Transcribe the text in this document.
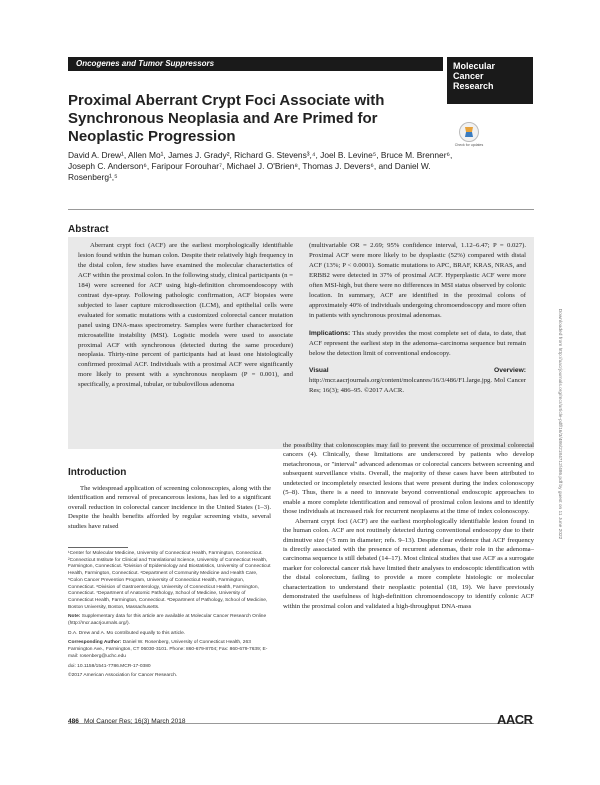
Oncogenes and Tumor Suppressors	Molecular
Cancer
Research
Check for updates
Proximal Aberrant Crypt Foci Associate with Synchronous Neoplasia and Are Primed for Neoplastic Progression
David A. Drew¹, Allen Mo¹, James J. Grady², Richard G. Stevens³,⁴, Joel B. Levine⁵, Bruce M. Brenner⁶, Joseph C. Anderson⁶, Faripour Forouhar⁷, Michael J. O'Brien⁸, Thomas J. Devers⁶, and Daniel W. Rosenberg¹,⁵
Abstract

Aberrant crypt foci (ACF) are the earliest morphologically identifiable lesion found within the human colon. Despite their relatively high frequency in the distal colon, few studies have examined the molecular characteristics of ACF within the proximal colon. In the following study, clinical participants (n = 184) were screened for ACF using high-definition chromoendoscopy with contrast dye-spray. Following pathologic confirmation, ACF biopsies were subjected to laser capture microdissection (LCM), and epithelial cells were evaluated for somatic mutations with a customized colorectal cancer mutation panel using DNA-mass spectrometry. Samples were further characterized for microsatellite instability (MSI). Logistic models were used to associate proximal ACF with synchronous (detected during the same procedure) neoplasia. Thirty-nine percent of participants had at least one histologically confirmed proximal ACF. Individuals with a proximal ACF were significantly more likely to present with a synchronous neoplasm (P = 0.001), and specifically, a proximal, tubular, or tubulovillous adenoma

(multivariable OR = 2.69; 95% confidence interval, 1.12–6.47; P = 0.027). Proximal ACF were more likely to be dysplastic (52%) compared with distal ACF (13%; P < 0.0001). Somatic mutations to APC, BRAF, KRAS, NRAS, and ERBB2 were detected in 37% of proximal ACF. Hyperplastic ACF were more often MSI-high, but there were no differences in MSI status observed by colonic location. In summary, ACF are identified in the proximal colons of approximately 40% of individuals undergoing chromoendoscopy and more often in patients with synchronous proximal adenomas.

Implications: This study provides the most complete set of data, to date, that ACF represent the earliest step in the adenoma–carcinoma sequence but remain below the detection limit of conventional endoscopy.

Visual Overview: http://mcr.aacrjournals.org/content/molcanres/16/3/486/F1.large.jpg. Mol Cancer Res; 16(3); 486–95. ©2017 AACR.

Introduction

The widespread application of screening colonoscopies, along with the identification and removal of precancerous lesions, has led to a significant overall reduction in colorectal cancer incidence in the United States (1–3). Despite the health benefits afforded by regular screening visits, several studies have raised

¹Center for Molecular Medicine, University of Connecticut Health, Farmington, Connecticut. ²Connecticut Institute for Clinical and Translational Science, University of Connecticut Health, Farmington, Connecticut. ³Division of Epidemiology and Biostatistics, University of Connecticut Health, Farmington, Connecticut. ⁴Department of Community Medicine and Health Care, ⁵Colon Cancer Prevention Program, University of Connecticut Health, Farmington, Connecticut. ⁶Division of Gastroenterology, University of Connecticut Health, Farmington, Connecticut. ⁷Department of Anatomic Pathology, School of Medicine, University of Connecticut Health, Farmington, Connecticut. ⁸Department of Pathology, School of Medicine, Boston University, Boston, Massachusetts.

Note: Supplementary data for this article are available at Molecular Cancer Research Online (http://mcr.aacrjournals.org/).

D.A. Drew and A. Mo contributed equally to this article.

Corresponding Author: Daniel W. Rosenberg, University of Connecticut Health, 263 Farmington Ave., Farmington, CT 06030-3101. Phone: 860-679-8704; Fax: 860-679-7639; E-mail: rosenberg@uchc.edu

doi: 10.1158/1541-7786.MCR-17-0380

©2017 American Association for Cancer Research.

the possibility that colonoscopies may fail to prevent the occurrence of proximal colorectal cancers (4). Clinically, these limitations are underscored by patients who develop metachronous, or "interval" advanced adenomas or colorectal cancers between screening and subsequent surveillance visits. Overall, the majority of these cases have been attributed to undetected or incompletely resected lesions that were present during the index colonoscopy (5–8). Thus, there is a need to innovate beyond conventional endoscopic approaches to enable a more complete identification and removal of proximal colon lesions and to identify those individuals at increased risk for recurrent neoplasms at the time of index colonoscopy.

Aberrant crypt foci (ACF) are the earliest morphologically identifiable lesion found in the human colon. ACF are not routinely detected during conventional endoscopy due to their diminutive size (<5 mm in diameter; refs. 9–13). Despite clear evidence that ACF frequency is directly associated with the presence of recurrent adenomas, their role in the adenoma–carcinoma sequence is still debated (14–17). Most clinical studies that use ACF as a surrogate marker for colorectal cancer risk have limited their analyses to endoscopic identification with the distal colorectum, failing to provide a more complete histologic or molecular characterization to understand their neoplastic potential (18, 19). We have previously demonstrated the usefulness of high-definition chromoendoscopy to identify colonic ACF within the proximal colon and validated a high-throughput DNA-mass

Downloaded from http://aacrjournals.org/mcr/article-pdf/16/3/486/2184712/486.pdf by guest on 11 June 2022
486 Mol Cancer Res; 16(3) March 2018	AACR
